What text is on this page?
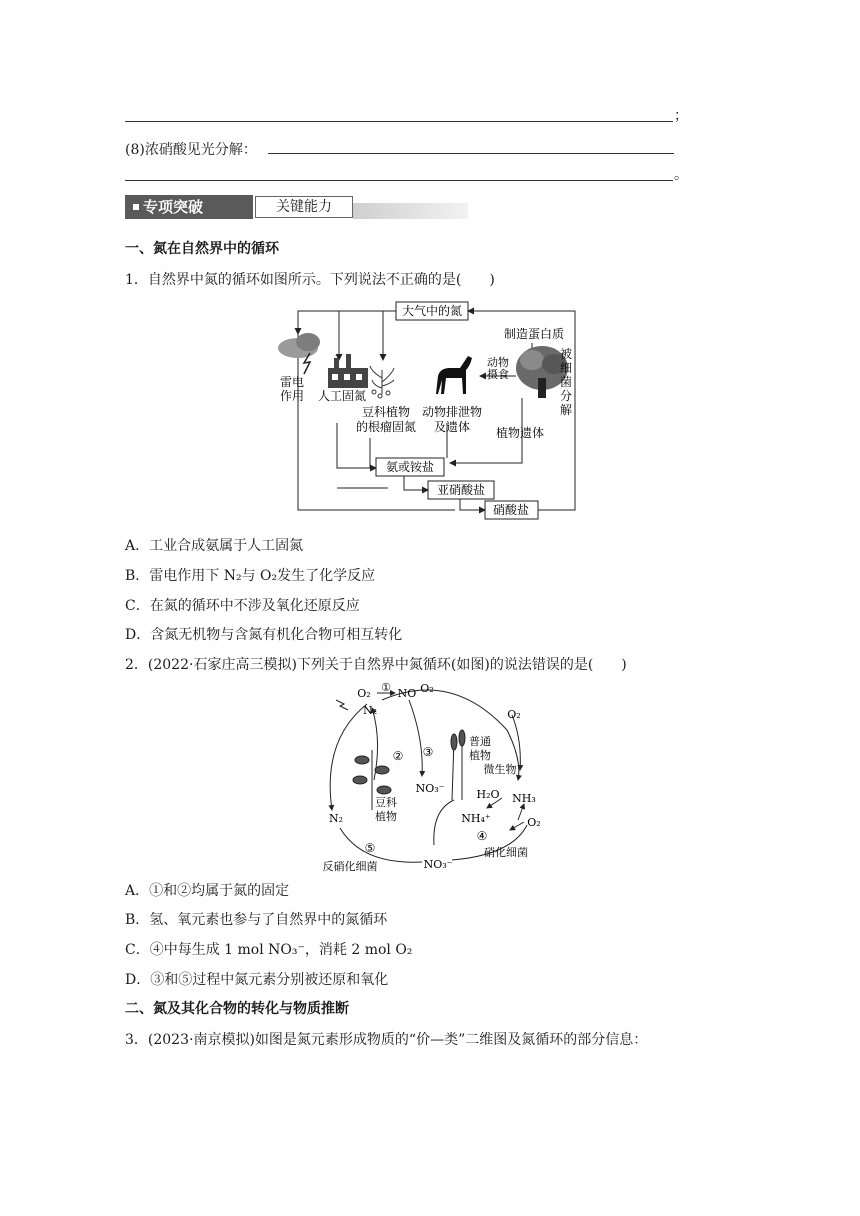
；
(8)浓硝酸见光分解：
。
专项突破	关键能力
一、氮在自然界中的循环
1．自然界中氮的循环如图所示。下列说法不正确的是(　　)
大气中的氮
制造蛋白质
雷电
作用 人工固氮
豆科植物
的根瘤固氮
动物排泄物
及遗体 植物遗体
动物
摄食
被
细
菌
分
解
氨或铵盐
亚硝酸盐
硝酸盐
A．工业合成氨属于人工固氮
B．雷电作用下 N₂与 O₂发生了化学反应
C．在氮的循环中不涉及氧化还原反应
D．含氮无机物与含氮有机化合物可相互转化
2．(2022·石家庄高三模拟)下列关于自然界中氮循环(如图)的说法错误的是(　　)
O₂ ① NO O₂
N₂
② ③
O₂
普通
植物
微生物
NO₃⁻	H₂O NH₃
NH₄⁺
④
O₂
豆科
植物
N₂
⑤
反硝化细菌	NO₃⁻
硝化细菌
A．①和②均属于氮的固定
B．氢、氧元素也参与了自然界中的氮循环
C．④中每生成 1 mol NO₃⁻，消耗 2 mol O₂
D．③和⑤过程中氮元素分别被还原和氧化
二、氮及其化合物的转化与物质推断
3．(2023·南京模拟)如图是氮元素形成物质的“价—类”二维图及氮循环的部分信息：
